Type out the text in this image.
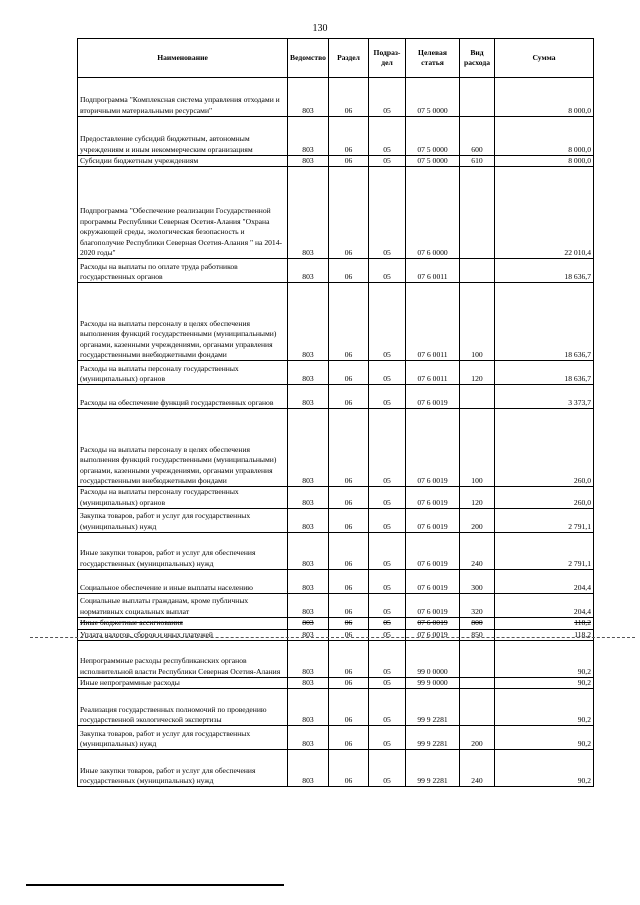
130
Наименование	Ведомство	Раздел	Подраз-дел	Целевая статья	Вид расхода	Сумма
Подпрограмма "Комплексная система управления отходами и вторичными материальными ресурсами"	803	06	05	07 5 0000		8 000,0
Предоставление субсидий бюджетным, автономным учреждениям и иным некоммерческим организациям	803	06	05	07 5 0000	600	8 000,0
Субсидии бюджетным учреждениям	803	06	05	07 5 0000	610	8 000,0
Подпрограмма "Обеспечение реализации Государственной программы Республики Северная Осетия-Алания "Охрана окружающей среды, экологическая безопасность и благополучие Республики Северная Осетия-Алания " на 2014-2020 годы"	803	06	05	07 6 0000		22 010,4
Расходы на выплаты по оплате труда работников государственных органов	803	06	05	07 6 0011		18 636,7
Расходы на выплаты персоналу в целях обеспечения выполнения функций государственными (муниципальными) органами, казенными учреждениями, органами управления государственными внебюджетными фондами	803	06	05	07 6 0011	100	18 636,7
Расходы на выплаты персоналу государственных (муниципальных) органов	803	06	05	07 6 0011	120	18 636,7
Расходы на обеспечение функций государственных органов	803	06	05	07 6 0019		3 373,7
Расходы на выплаты персоналу в целях обеспечения выполнения функций государственными (муниципальными) органами, казенными учреждениями, органами управления государственными внебюджетными фондами	803	06	05	07 6 0019	100	260,0
Расходы на выплаты персоналу государственных (муниципальных) органов	803	06	05	07 6 0019	120	260,0
Закупка товаров, работ и услуг для государственных (муниципальных) нужд	803	06	05	07 6 0019	200	2 791,1
Иные закупки товаров, работ и услуг для обеспечения государственных (муниципальных) нужд	803	06	05	07 6 0019	240	2 791,1
Социальное обеспечение и иные выплаты населению	803	06	05	07 6 0019	300	204,4
Социальные выплаты гражданам, кроме публичных нормативных социальных выплат	803	06	05	07 6 0019	320	204,4
Иные бюджетные ассигнования	803	06	05	07 6 0019	800	118,2
Уплата налогов, сборов и иных платежей	803	06	05	07 6 0019	850	118,2
Непрограммные расходы республиканских органов исполнительной власти Республики Северная Осетия-Алания	803	06	05	99 0 0000		90,2
Иные непрограммные расходы	803	06	05	99 9 0000		90,2
Реализация государственных полномочий по проведению государственной экологической экспертизы	803	06	05	99 9 2281		90,2
Закупка товаров, работ и услуг для государственных (муниципальных) нужд	803	06	05	99 9 2281	200	90,2
Иные закупки товаров, работ и услуг для обеспечения государственных (муниципальных) нужд	803	06	05	99 9 2281	240	90,2
